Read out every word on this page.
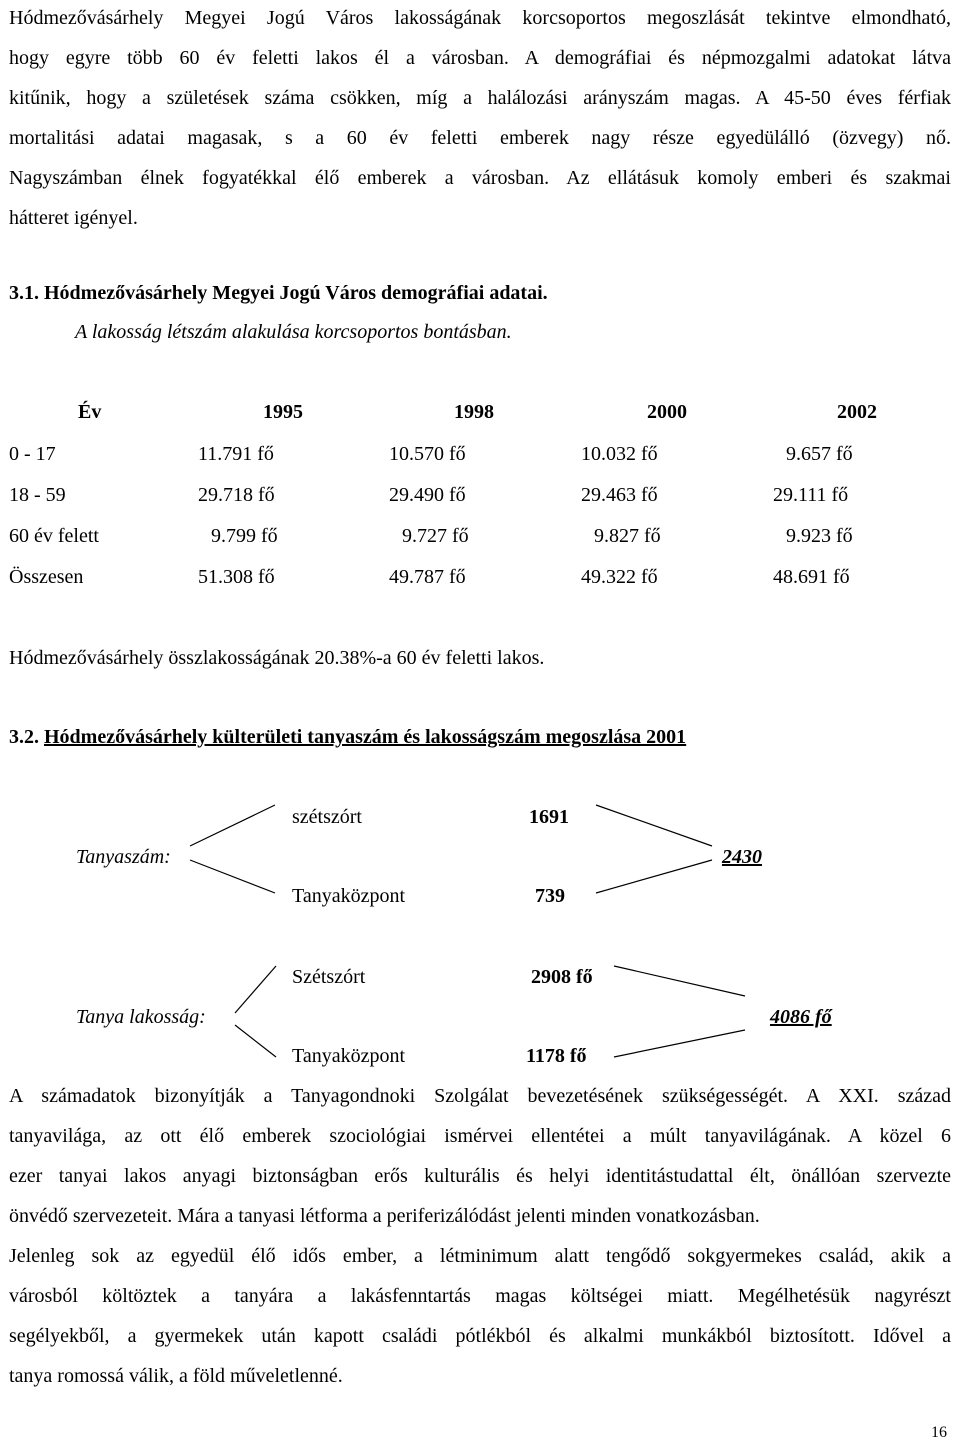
Hódmezővásárhely Megyei Jogú Város lakosságának korcsoportos megoszlását tekintve elmondható,
hogy egyre több 60 év feletti lakos él a városban. A demográfiai és népmozgalmi adatokat látva
kitűnik, hogy a születések száma csökken, míg a halálozási arányszám magas. A 45-50 éves férfiak
mortalitási adatai magasak, s a 60 év feletti emberek nagy része egyedülálló (özvegy) nő.
Nagyszámban élnek fogyatékkal élő emberek a városban. Az ellátásuk komoly emberi és szakmai
hátteret igényel.
3.1. Hódmezővásárhely Megyei Jogú Város demográfiai adatai.
A lakosság létszám alakulása korcsoportos bontásban.
Év	1995	1998	2000	2002
0 - 17	11.791 fő	10.570 fő	10.032 fő	9.657 fő
18 - 59	29.718 fő	29.490 fő	29.463 fő	29.111 fő
60 év felett	9.799 fő	9.727 fő	9.827 fő	9.923 fő
Összesen	51.308 fő	49.787 fő	49.322 fő	48.691 fő
Hódmezővásárhely összlakosságának 20.38%-a 60 év feletti lakos.
3.2. Hódmezővásárhely külterületi tanyaszám és lakosságszám megoszlása 2001
Tanyaszám:
szétszórt	1691
Tanyaközpont	739
2430
Tanya lakosság:
Szétszórt	2908 fő
Tanyaközpont	1178 fő
4086 fő
A számadatok bizonyítják a Tanyagondnoki Szolgálat bevezetésének szükségességét. A XXI. század
tanyavilága, az ott élő emberek szociológiai ismérvei ellentétei a múlt tanyavilágának. A közel 6
ezer tanyai lakos anyagi biztonságban erős kulturális és helyi identitástudattal élt, önállóan szervezte
önvédő szervezeteit. Mára a tanyasi létforma a periferizálódást jelenti minden vonatkozásban.
Jelenleg sok az egyedül élő idős ember, a létminimum alatt tengődő sokgyermekes család, akik a
városból költöztek a tanyára a lakásfenntartás magas költségei miatt. Megélhetésük nagyrészt
segélyekből, a gyermekek után kapott családi pótlékból és alkalmi munkákból biztosított. Idővel a
tanya romossá válik, a föld műveletlenné.
16
